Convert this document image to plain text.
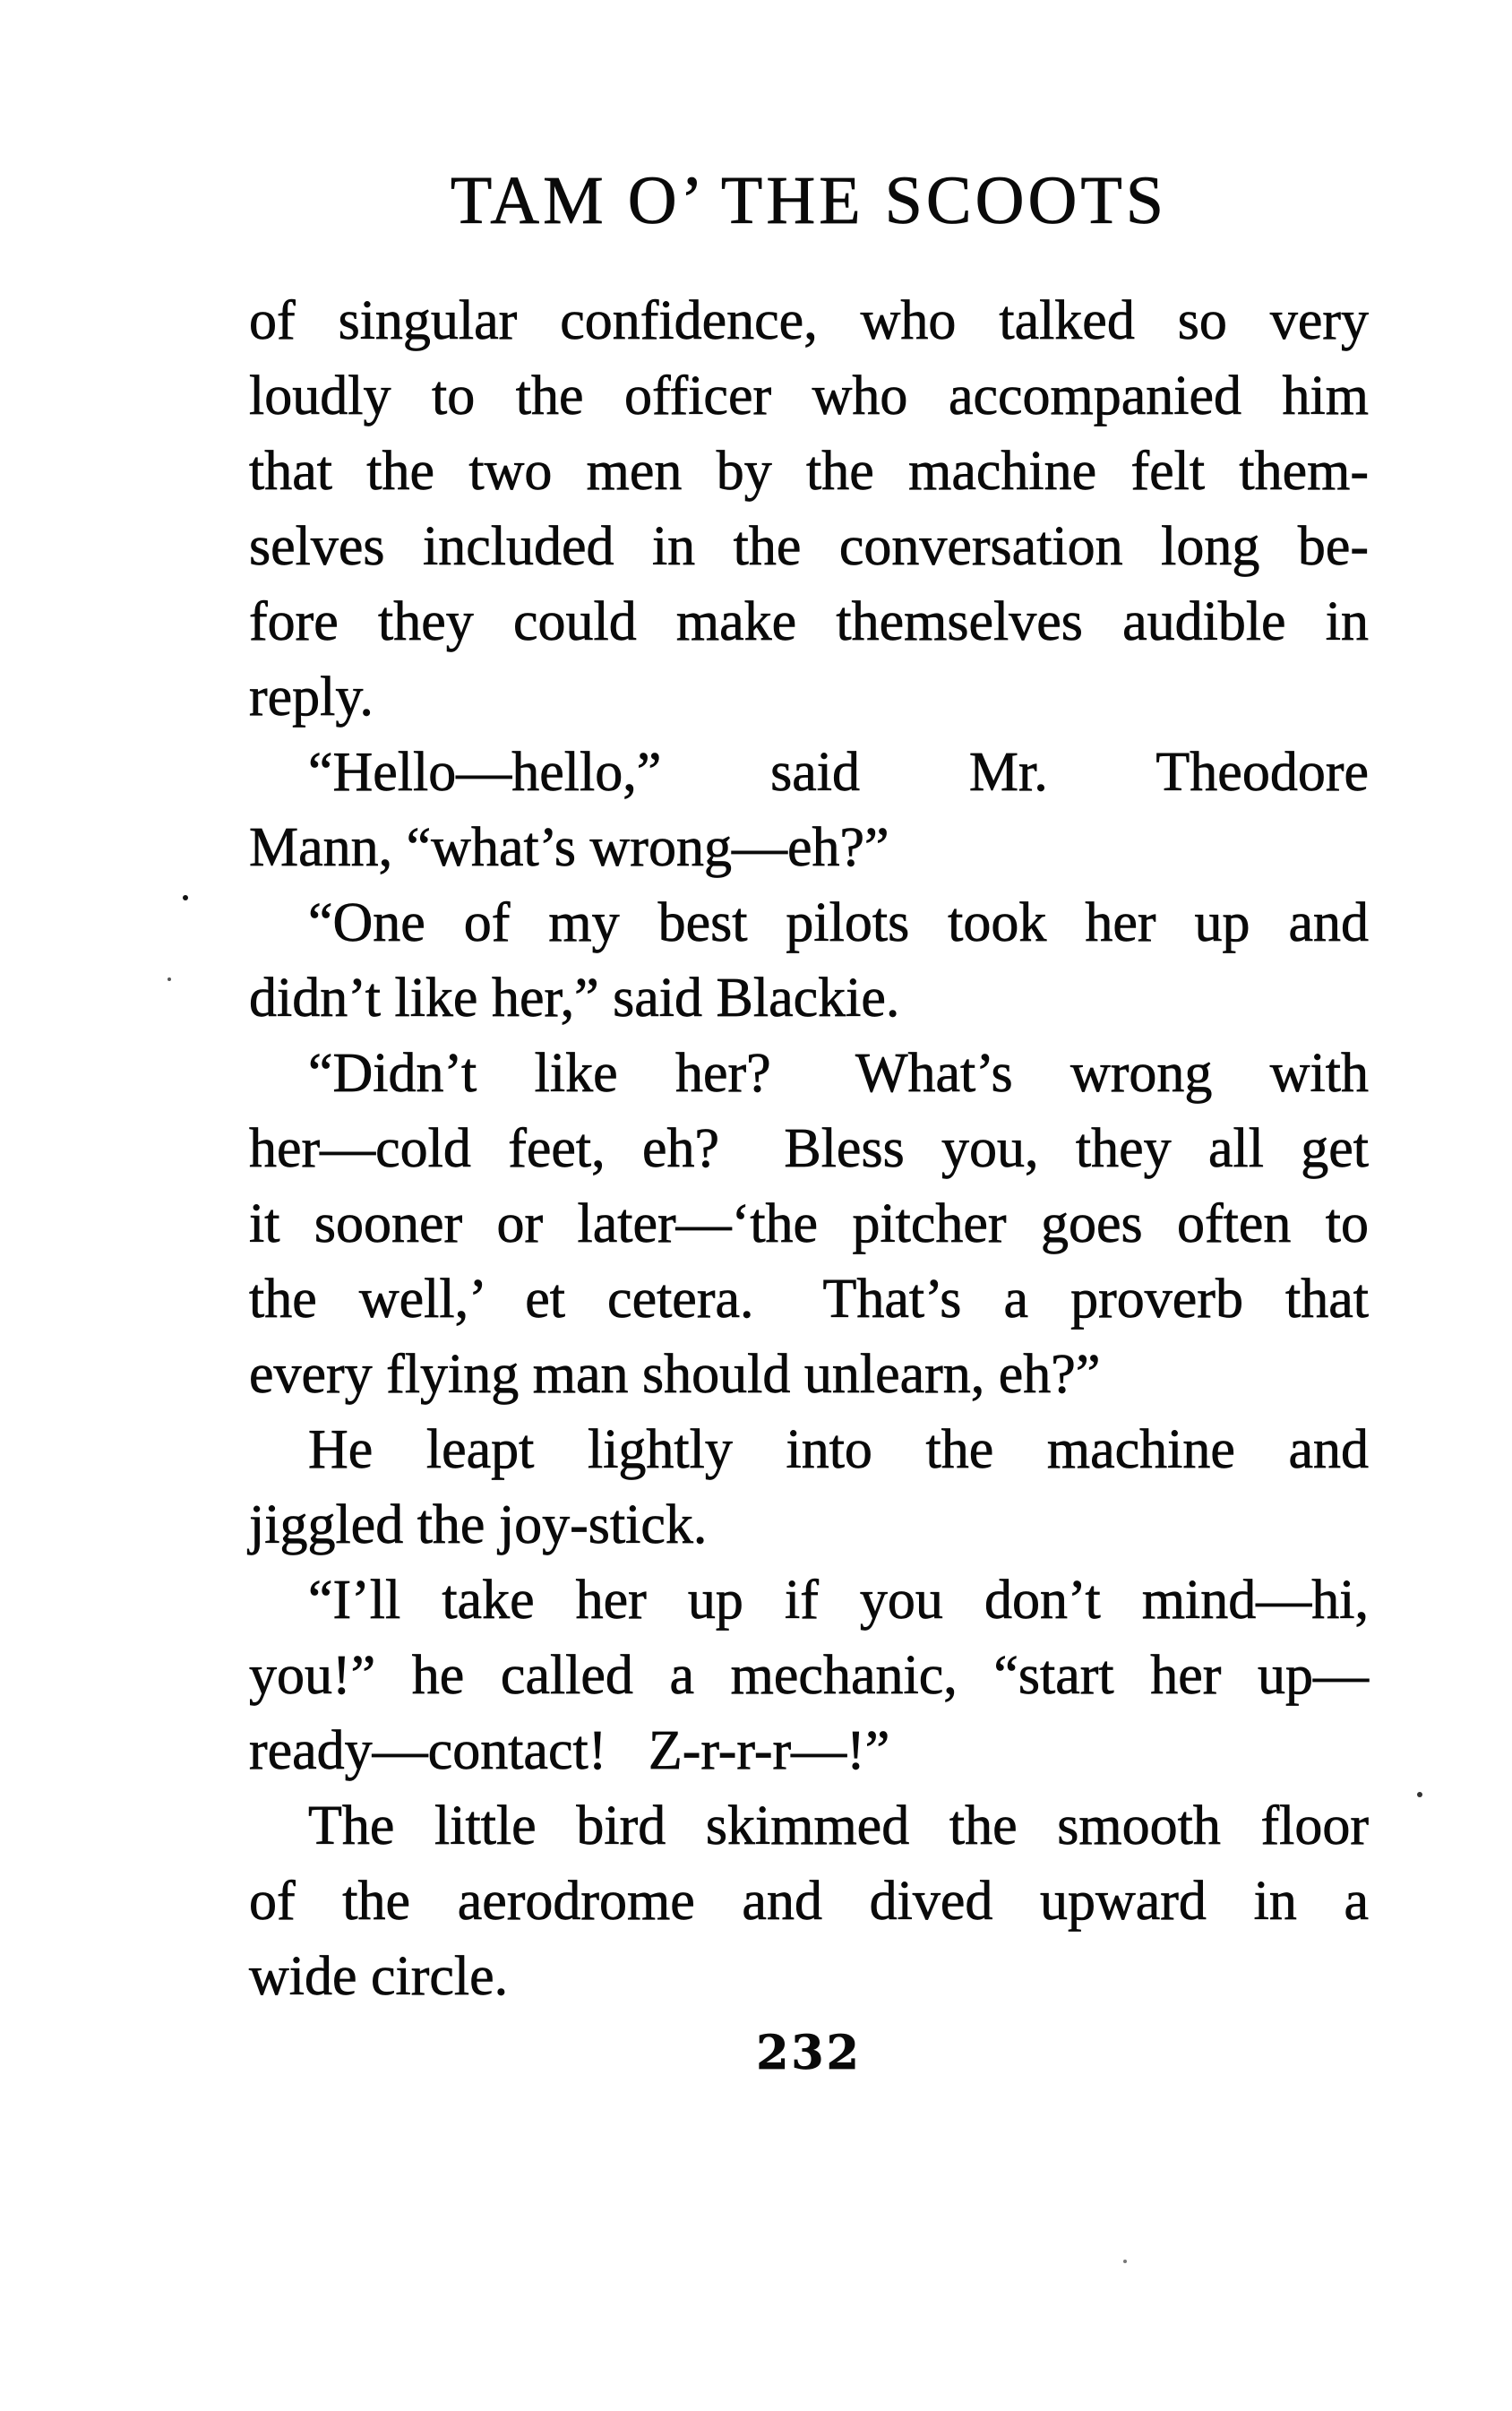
TAM O’ THE SCOOTS
of singular confidence, who talked so very
loudly to the officer who accompanied him
that the two men by the machine felt them-
selves included in the conversation long be-
fore they could make themselves audible in
reply.
“Hello—hello,” said Mr. Theodore
Mann, “what’s wrong—eh?”
“One of my best pilots took her up and
didn’t like her,” said Blackie.
“Didn’t like her?  What’s wrong with
her—cold feet, eh?  Bless you, they all get
it sooner or later—‘the pitcher goes often to
the well,’ et cetera.  That’s a proverb that
every flying man should unlearn, eh?”
He leapt lightly into the machine and
jiggled the joy-stick.
“I’ll take her up if you don’t mind—hi,
you!” he called a mechanic, “start her up—
ready—contact!  Z-r-r-r—!”
The little bird skimmed the smooth floor
of the aerodrome and dived upward in a
wide circle.
232
